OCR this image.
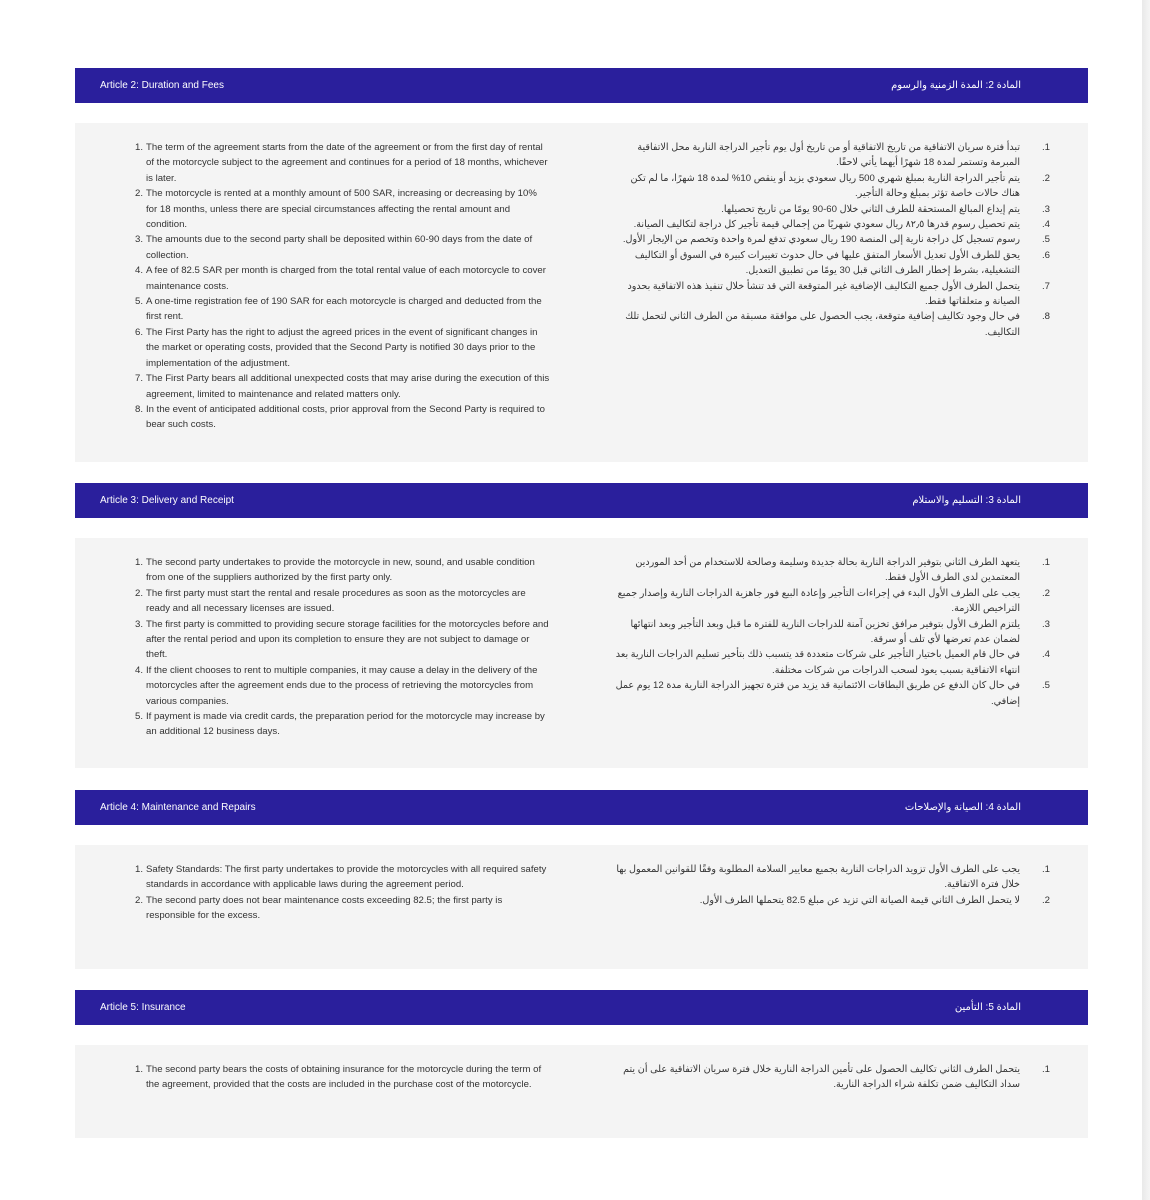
Article 2: Duration and Fees	المادة 2: المدة الزمنية والرسوم
1. The term of the agreement starts from the date of the agreement or from the first day of rental of the motorcycle subject to the agreement and continues for a period of 18 months, whichever is later.
2. The motorcycle is rented at a monthly amount of 500 SAR, increasing or decreasing by 10% for 18 months, unless there are special circumstances affecting the rental amount and condition.
3. The amounts due to the second party shall be deposited within 60-90 days from the date of collection.
4. A fee of 82.5 SAR per month is charged from the total rental value of each motorcycle to cover maintenance costs.
5. A one-time registration fee of 190 SAR for each motorcycle is charged and deducted from the first rent.
6. The First Party has the right to adjust the agreed prices in the event of significant changes in the market or operating costs, provided that the Second Party is notified 30 days prior to the implementation of the adjustment.
7. The First Party bears all additional unexpected costs that may arise during the execution of this agreement, limited to maintenance and related matters only.
8. In the event of anticipated additional costs, prior approval from the Second Party is required to bear such costs.
.1
تبدأ فترة سريان الاتفاقية من تاريخ الاتفاقية أو من تاريخ أول يوم تأجير الدراجة النارية محل الاتفاقية المبرمة وتستمر لمدة 18 شهرًا أيهما يأتي لاحقًا.
.2
يتم تأجير الدراجة النارية بمبلغ شهري 500 ريال سعودي يزيد أو ينقص 10% لمدة 18 شهرًا، ما لم تكن هناك حالات خاصة تؤثر بمبلغ وحالة التأجير.
.3
يتم إيداع المبالغ المستحقة للطرف الثاني خلال 60-90 يومًا من تاريخ تحصيلها.
.4
يتم تحصيل رسوم قدرها ٨٢٫٥ ريال سعودي شهريًا من إجمالي قيمة تأجير كل دراجة لتكاليف الصيانة.
.5
رسوم تسجيل كل دراجة نارية إلى المنصة 190 ريال سعودي تدفع لمرة واحدة وتخصم من الإيجار الأول.
.6
يحق للطرف الأول تعديل الأسعار المتفق عليها في حال حدوث تغييرات كبيرة في السوق أو التكاليف التشغيلية، بشرط إخطار الطرف الثاني قبل 30 يومًا من تطبيق التعديل.
.7
يتحمل الطرف الأول جميع التكاليف الإضافية غير المتوقعة التي قد تنشأ خلال تنفيذ هذه الاتفاقية بحدود الصيانة و متعلقاتها فقط.
.8
في حال وجود تكاليف إضافية متوقعة، يجب الحصول على موافقة مسبقة من الطرف الثاني لتحمل تلك التكاليف.
Article 3: Delivery and Receipt	المادة 3: التسليم والاستلام
1. The second party undertakes to provide the motorcycle in new, sound, and usable condition from one of the suppliers authorized by the first party only.
2. The first party must start the rental and resale procedures as soon as the motorcycles are ready and all necessary licenses are issued.
3. The first party is committed to providing secure storage facilities for the motorcycles before and after the rental period and upon its completion to ensure they are not subject to damage or theft.
4. If the client chooses to rent to multiple companies, it may cause a delay in the delivery of the motorcycles after the agreement ends due to the process of retrieving the motorcycles from various companies.
5. If payment is made via credit cards, the preparation period for the motorcycle may increase by an additional 12 business days.
.1
يتعهد الطرف الثاني بتوفير الدراجة النارية بحالة جديدة وسليمة وصالحة للاستخدام من أحد الموردين المعتمدين لدى الطرف الأول فقط.
.2
يجب على الطرف الأول البدء في إجراءات التأجير وإعادة البيع فور جاهزية الدراجات النارية وإصدار جميع التراخيص اللازمة.
.3
يلتزم الطرف الأول بتوفير مرافق تخزين آمنة للدراجات النارية للفترة ما قبل وبعد التأجير وبعد انتهائها لضمان عدم تعرضها لأي تلف أو سرقة.
.4
في حال قام العميل باختيار التأجير على شركات متعددة قد يتسبب ذلك بتأخير تسليم الدراجات النارية بعد انتهاء الاتفاقية بسبب يعود لسحب الدراجات من شركات مختلفة.
.5
في حال كان الدفع عن طريق البطاقات الائتمانية قد يزيد من فترة تجهيز الدراجة النارية مدة 12 يوم عمل إضافي.
Article 4: Maintenance and Repairs	المادة 4: الصيانة والإصلاحات
1. Safety Standards: The first party undertakes to provide the motorcycles with all required safety standards in accordance with applicable laws during the agreement period.
2. The second party does not bear maintenance costs exceeding 82.5; the first party is responsible for the excess.
.1
يجب على الطرف الأول تزويد الدراجات النارية بجميع معايير السلامة المطلوبة وفقًا للقوانين المعمول بها خلال فترة الاتفاقية.
.2
لا يتحمل الطرف الثاني قيمة الصيانة التي تزيد عن مبلغ 82.5 يتحملها الطرف الأول.
Article 5: Insurance	المادة 5: التأمين
1. The second party bears the costs of obtaining insurance for the motorcycle during the term of the agreement, provided that the costs are included in the purchase cost of the motorcycle.
.1
يتحمل الطرف الثاني تكاليف الحصول على تأمين الدراجة النارية خلال فترة سريان الاتفاقية على أن يتم سداد التكاليف ضمن تكلفة شراء الدراجة النارية.
